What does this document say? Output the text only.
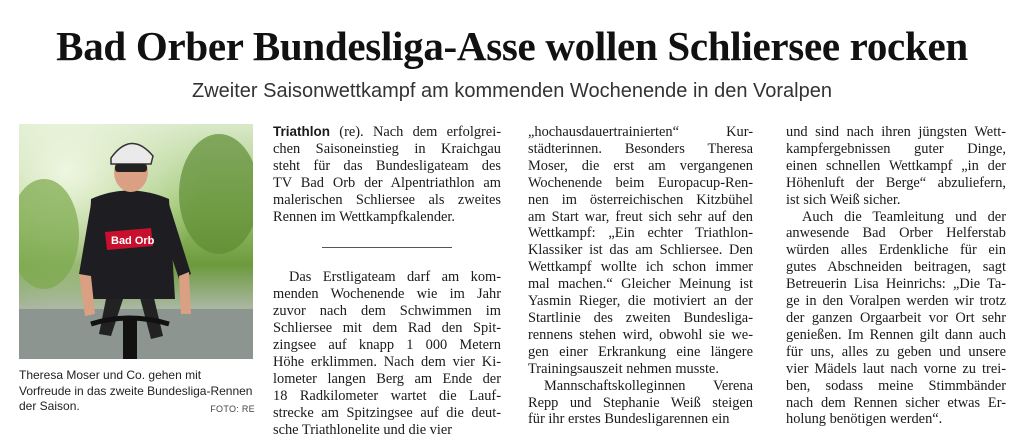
Bad Orber Bundesliga-Asse wollen Schliersee rocken
Zweiter Saisonwettkampf am kommenden Wochenende in den Voralpen
Bad Orb
Theresa Moser und Co. gehen mit Vorfreude in das zweite Bundesliga-Rennen der Saison.	FOTO: RE
Triathlon (re). Nach dem erfolgrei-
chen Saisoneinstieg in Kraichgau
steht für das Bundesligateam des
TV Bad Orb der Alpentriathlon am
malerischen Schliersee als zweites
Rennen im Wettkampfkalender.
Das Erstligateam darf am kom-
menden Wochenende wie im Jahr
zuvor nach dem Schwimmen im
Schliersee mit dem Rad den Spit-
zingsee auf knapp 1 000 Metern
Höhe erklimmen. Nach dem vier Ki-
lometer langen Berg am Ende der
18 Radkilometer wartet die Lauf-
strecke am Spitzingsee auf die deut-
sche Triathlonelite und die vier
„hochausdauertrainierten“ Kur-
städterinnen. Besonders Theresa
Moser, die erst am vergangenen
Wochenende beim Europacup-Ren-
nen im österreichischen Kitzbühel
am Start war, freut sich sehr auf den
Wettkampf: „Ein echter Triathlon-
Klassiker ist das am Schliersee. Den
Wettkampf wollte ich schon immer
mal machen.“ Gleicher Meinung ist
Yasmin Rieger, die motiviert an der
Startlinie des zweiten Bundesliga-
rennens stehen wird, obwohl sie we-
gen einer Erkrankung eine längere
Trainingsauszeit nehmen musste.
Mannschaftskolleginnen Verena
Repp und Stephanie Weiß steigen
für ihr erstes Bundesligarennen ein
und sind nach ihren jüngsten Wett-
kampfergebnissen guter Dinge,
einen schnellen Wettkampf „in der
Höhenluft der Berge“ abzuliefern,
ist sich Weiß sicher.
Auch die Teamleitung und der
anwesende Bad Orber Helferstab
würden alles Erdenkliche für ein
gutes Abschneiden beitragen, sagt
Betreuerin Lisa Heinrichs: „Die Ta-
ge in den Voralpen werden wir trotz
der ganzen Orgaarbeit vor Ort sehr
genießen. Im Rennen gilt dann auch
für uns, alles zu geben und unsere
vier Mädels laut nach vorne zu trei-
ben, sodass meine Stimmbänder
nach dem Rennen sicher etwas Er-
holung benötigen werden“.
